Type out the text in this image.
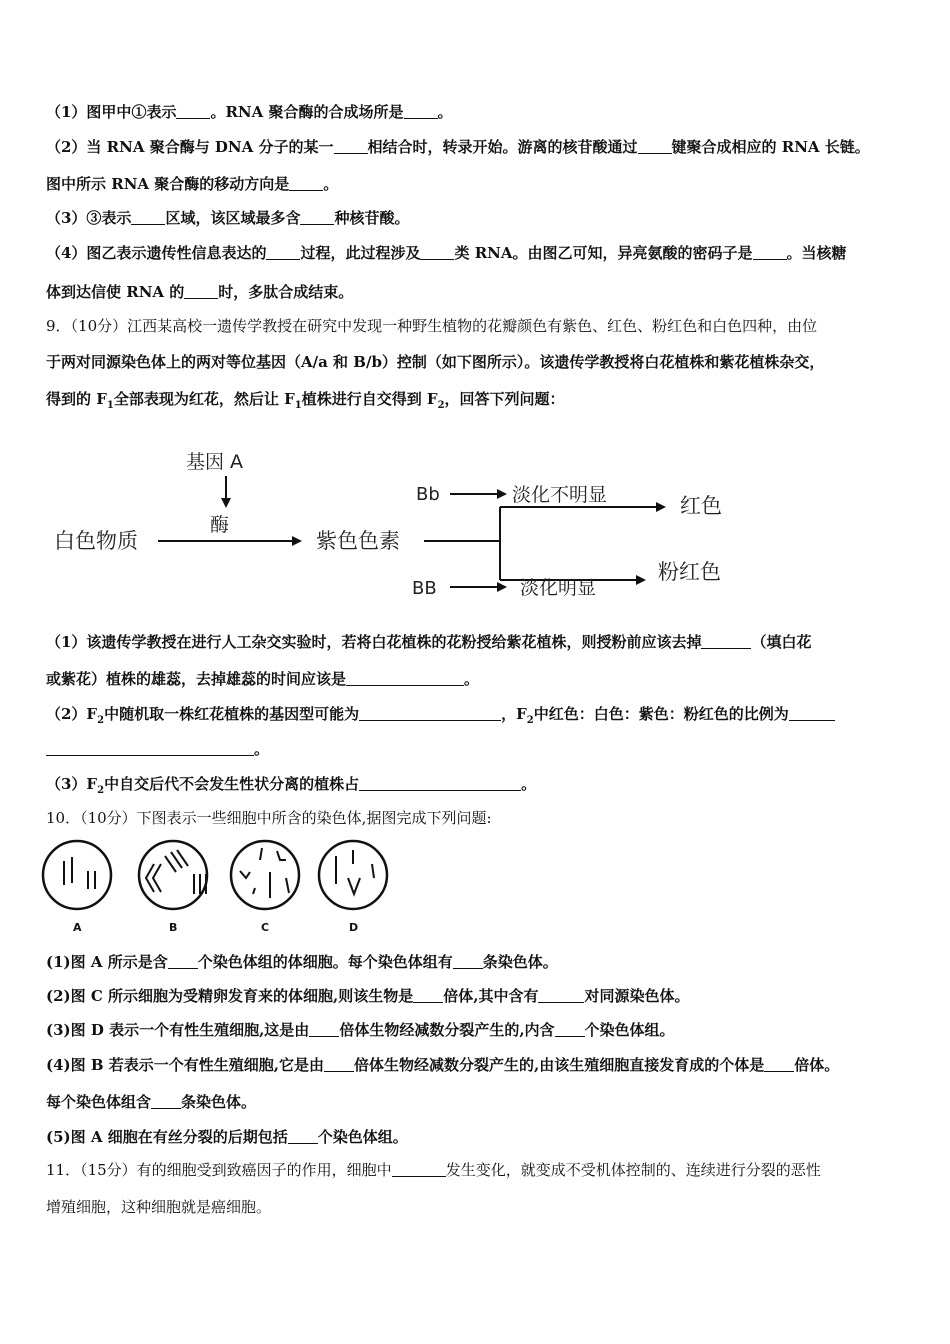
（1）图甲中①表示 。RNA 聚合酶的合成场所是 。
（2）当 RNA 聚合酶与 DNA 分子的某一 相结合时，转录开始。游离的核苷酸通过 键聚合成相应的 RNA 长链。
图中所示 RNA 聚合酶的移动方向是 。
（3）③表示 区域，该区域最多含 种核苷酸。
（4）图乙表示遗传性信息表达的 过程，此过程涉及 类 RNA。由图乙可知，异亮氨酸的密码子是 。当核糖
体到达信使 RNA 的 时，多肽合成结束。
9．（10分）江西某高校一遗传学教授在研究中发现一种野生植物的花瓣颜色有紫色、红色、粉红色和白色四种，由位
于两对同源染色体上的两对等位基因（A/a 和 B/b）控制（如下图所示）。该遗传学教授将白花植株和紫花植株杂交，
得到的 $F_1$全部表现为红花，然后让 $F_1$植株进行自交得到 $F_2$，回答下列问题：
基因 A
酶
白色物质	紫色色素
Bb	淡化不明显	红色
BB	淡化明显
粉红色
（1）该遗传学教授在进行人工杂交实验时，若将白花植株的花粉授给紫花植株，则授粉前应该去掉	（填白花
或紫花）植株的雄蕊，去掉雄蕊的时间应该是	。
$(2)F_2$中随机取一株红花植株的基因型可能为	，$F_2$中红色：白色：紫色：粉红色的比例为
。
$(3)F_2$中自交后代不会发生性状分离的植株占	。
10．（10分）下图表示一些细胞中所含的染色体,据图完成下列问题:
A	B	C	D
(1)图 A 所示是含 个染色体组的体细胞。每个染色体组有 条染色体。
(2)图 C 所示细胞为受精卵发育来的体细胞,则该生物是 倍体,其中含有	对同源染色体。
(3)图 D 表示一个有性生殖细胞,这是由 倍体生物经减数分裂产生的,内含 个染色体组。
(4)图 B 若表示一个有性生殖细胞,它是由 倍体生物经减数分裂产生的,由该生殖细胞直接发育成的个体是 倍体。
每个染色体组含 条染色体。
(5)图 A 细胞在有丝分裂的后期包括 个染色体组。
11．（15分）有的细胞受到致癌因子的作用，细胞中	发生变化，就变成不受机体控制的、连续进行分裂的恶性
增殖细胞，这种细胞就是癌细胞。
